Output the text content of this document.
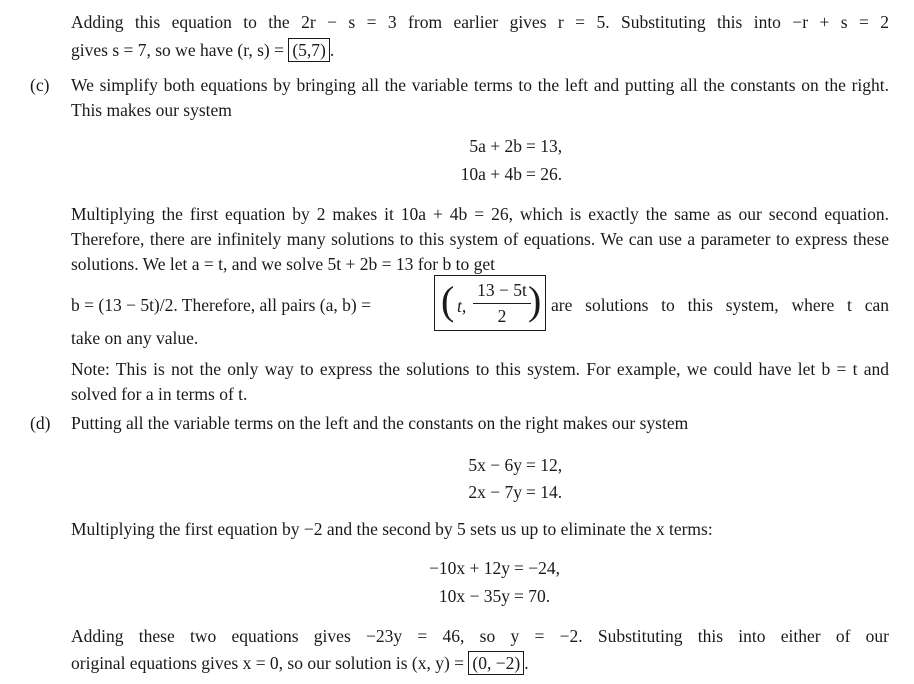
Adding this equation to the 2r − s = 3 from earlier gives r = 5. Substituting this into −r + s = 2
gives s = 7, so we have (r, s) = (5,7) .
(c) We simplify both equations by bringing all the variable terms to the left and putting all the constants on the right. This makes our system
5a + 2b = 13,
10a + 4b = 26.
Multiplying the first equation by 2 makes it 10a + 4b = 26, which is exactly the same as our second equation. Therefore, there are infinitely many solutions to this system of equations. We can use a parameter to express these solutions. We let a = t, and we solve 5t + 2b = 13 for b to get
b = (13 − 5t)/2. Therefore, all pairs (a, b) = ( t,
13 − 5t
2 ) are solutions to this system, where t can
take on any value.
Note: This is not the only way to express the solutions to this system. For example, we could have let b = t and solved for a in terms of t.
(d) Putting all the variable terms on the left and the constants on the right makes our system
5x − 6y = 12,
2x − 7y = 14.
Multiplying the first equation by −2 and the second by 5 sets us up to eliminate the x terms:
−10x + 12y = −24,
10x − 35y = 70.
Adding these two equations gives −23y = 46, so y = −2. Substituting this into either of our
original equations gives x = 0, so our solution is (x, y) = (0, −2) .
